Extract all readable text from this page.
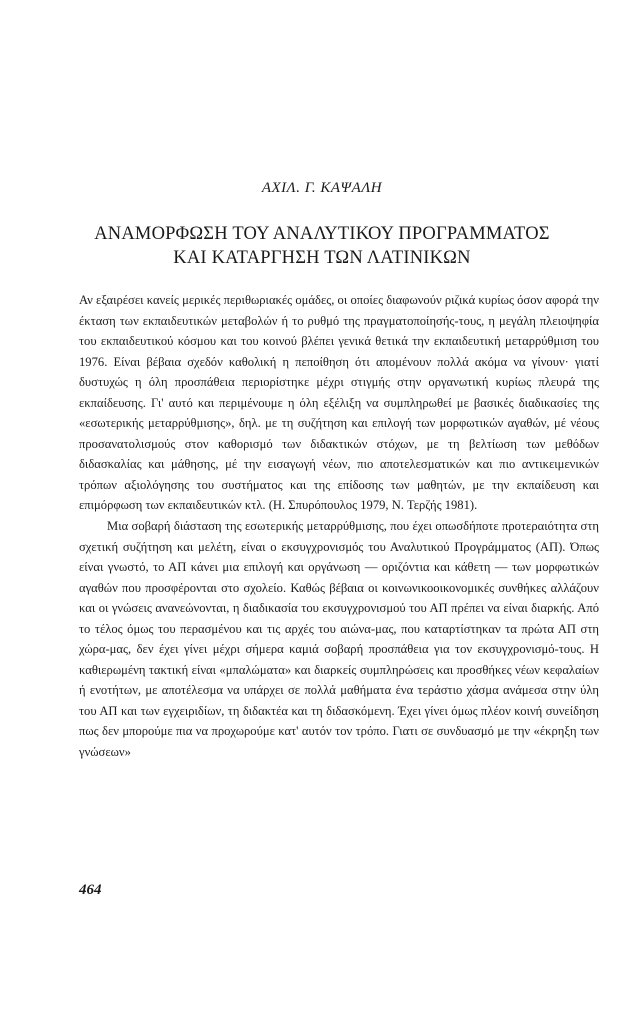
ΑΧΙΛ. Γ. ΚΑΨΑΛΗ
ΑΝΑΜΟΡΦΩΣΗ ΤΟΥ ΑΝΑΛΥΤΙΚΟΥ ΠΡΟΓΡΑΜΜΑΤΟΣ
ΚΑΙ ΚΑΤΑΡΓΗΣΗ ΤΩΝ ΛΑΤΙΝΙΚΩΝ

Αν εξαιρέσει κανείς μερικές περιθωριακές ομάδες, οι οποίες διαφωνούν ριζικά κυρίως όσον αφορά την έκταση των εκπαιδευτικών μεταβολών ή το ρυθμό της πραγματοποίησής-τους, η μεγάλη πλειοψηφία του εκπαιδευτικού κόσμου και του κοινού βλέπει γενικά θετικά την εκπαιδευτική μεταρρύθμιση του 1976. Είναι βέβαια σχεδόν καθολική η πεποίθηση ότι απομένουν πολλά ακόμα να γίνουν· γιατί δυστυχώς η όλη προσπάθεια περιορίστηκε μέχρι στιγμής στην οργανωτική κυρίως πλευρά της εκπαίδευσης. Γι' αυτό και περιμένουμε η όλη εξέλιξη να συμπληρωθεί με βασικές διαδικασίες της «εσωτερικής μεταρρύθμισης», δηλ. με τη συζήτηση και επιλογή των μορφωτικών αγαθών, μέ νέους προσανατολισμούς στον καθορισμό των διδακτικών στόχων, με τη βελτίωση των μεθόδων διδασκαλίας και μάθησης, μέ την εισαγωγή νέων, πιο αποτελεσματικών και πιο αντικειμενικών τρόπων αξιολόγησης του συστήματος και της επίδοσης των μαθητών, με την εκπαίδευση και επιμόρφωση των εκπαιδευτικών κτλ. (Η. Σπυρόπουλος 1979, Ν. Τερζής 1981).

Μια σοβαρή διάσταση της εσωτερικής μεταρρύθμισης, που έχει οπωσδήποτε προτεραιότητα στη σχετική συζήτηση και μελέτη, είναι ο εκσυγχρονισμός του Αναλυτικού Προγράμματος (ΑΠ). Όπως είναι γνωστό, το ΑΠ κάνει μια επιλογή και οργάνωση — οριζόντια και κάθετη — των μορφωτικών αγαθών που προσφέρονται στο σχολείο. Καθώς βέβαια οι κοινωνικοοικονομικές συνθήκες αλλάζουν και οι γνώσεις ανανεώνονται, η διαδικασία του εκσυγχρονισμού του ΑΠ πρέπει να είναι διαρκής. Από το τέλος όμως του περασμένου και τις αρχές του αιώνα-μας, που καταρτίστηκαν τα πρώτα ΑΠ στη χώρα-μας, δεν έχει γίνει μέχρι σήμερα καμιά σοβαρή προσπάθεια για τον εκσυγχρονισμό-τους. Η καθιερωμένη τακτική είναι «μπαλώματα» και διαρκείς συμπληρώσεις και προσθήκες νέων κεφαλαίων ή ενοτήτων, με αποτέλεσμα να υπάρχει σε πολλά μαθήματα ένα τεράστιο χάσμα ανάμεσα στην ύλη του ΑΠ και των εγχειριδίων, τη διδακτέα και τη διδασκόμενη. Έχει γίνει όμως πλέον κοινή συνείδηση πως δεν μπορούμε πια να προχωρούμε κατ' αυτόν τον τρόπο. Γιατι σε συνδυασμό με την «έκρηξη των γνώσεων»

464
